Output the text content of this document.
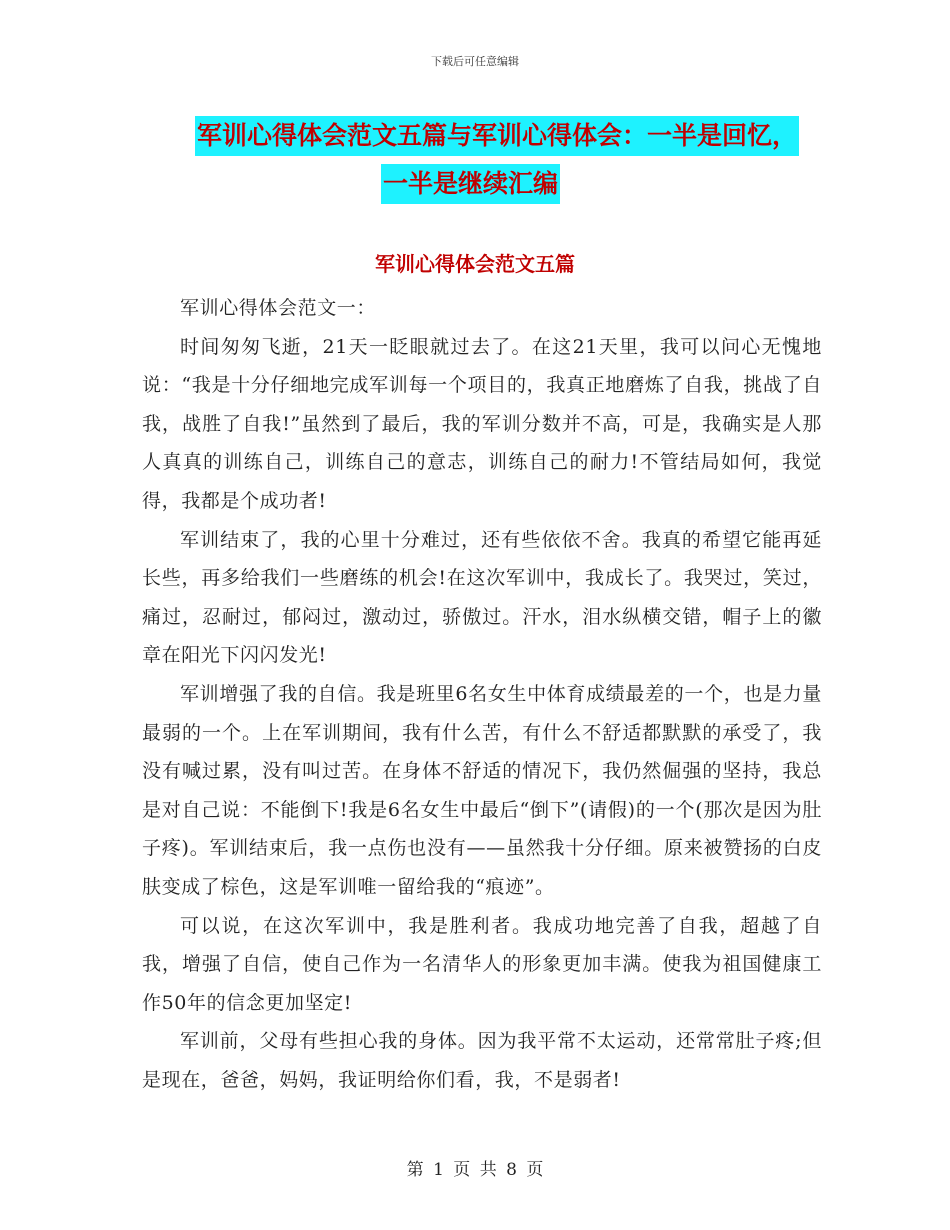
下载后可任意编辑
军训心得体会范文五篇与军训心得体会：一半是回忆，
一半是继续汇编
军训心得体会范文五篇

军训心得体会范文一：

时间匆匆飞逝，21天一眨眼就过去了。在这21天里，我可以问心无愧地说：“我是十分仔细地完成军训每一个项目的，我真正地磨炼了自我，挑战了自我，战胜了自我!”虽然到了最后，我的军训分数并不高，可是，我确实是人那人真真的训练自己，训练自己的意志，训练自己的耐力!不管结局如何，我觉得，我都是个成功者!

军训结束了，我的心里十分难过，还有些依依不舍。我真的希望它能再延长些，再多给我们一些磨练的机会!在这次军训中，我成长了。我哭过，笑过，痛过，忍耐过，郁闷过，激动过，骄傲过。汗水，泪水纵横交错，帽子上的徽章在阳光下闪闪发光!

军训增强了我的自信。我是班里6名女生中体育成绩最差的一个，也是力量最弱的一个。上在军训期间，我有什么苦，有什么不舒适都默默的承受了，我没有喊过累，没有叫过苦。在身体不舒适的情况下，我仍然倔强的坚持，我总是对自己说：不能倒下!我是6名女生中最后“倒下”(请假)的一个(那次是因为肚子疼)。军训结束后，我一点伤也没有——虽然我十分仔细。原来被赞扬的白皮肤变成了棕色，这是军训唯一留给我的“痕迹”。

可以说，在这次军训中，我是胜利者。我成功地完善了自我，超越了自我，增强了自信，使自己作为一名清华人的形象更加丰满。使我为祖国健康工作50年的信念更加坚定!

军训前，父母有些担心我的身体。因为我平常不太运动，还常常肚子疼;但是现在，爸爸，妈妈，我证明给你们看，我，不是弱者!

第 1 页 共 8 页
